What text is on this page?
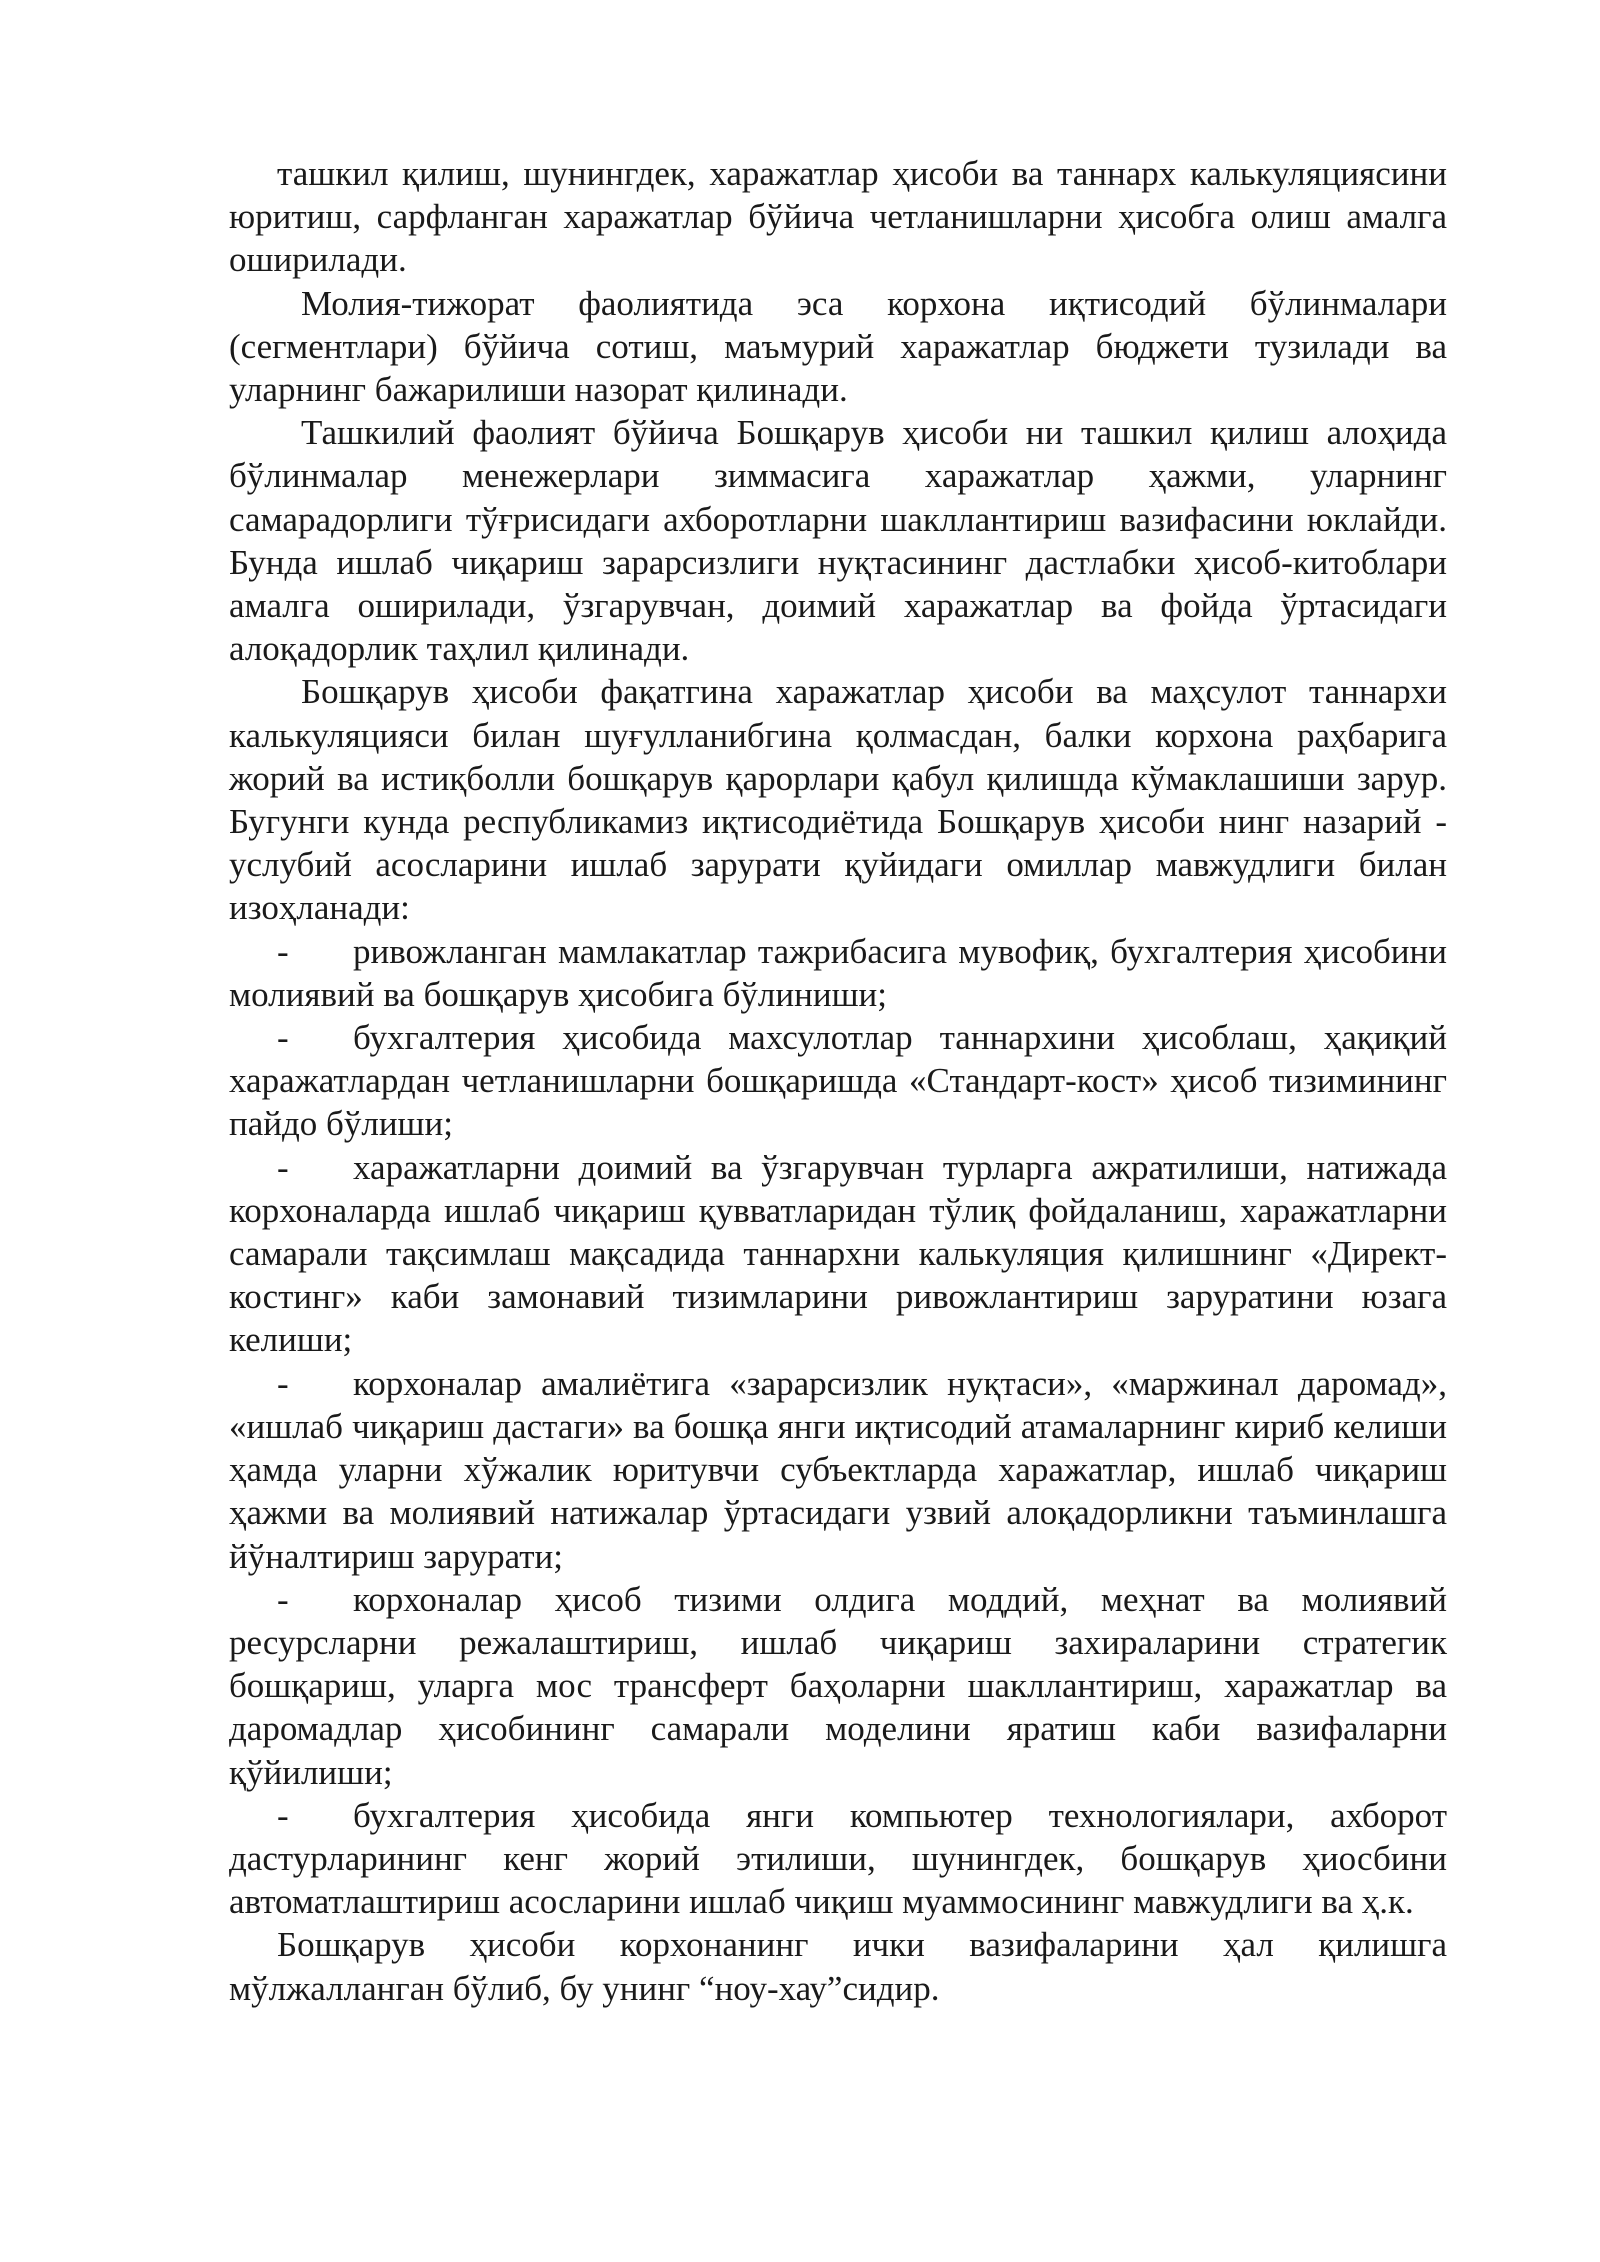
ташкил қилиш, шунингдек, харажатлар ҳисоби ва таннарх калькуляциясини юритиш, сарфланган харажатлар бўйича четланишларни ҳисобга олиш амалга оширилади.

Молия-тижорат фаолиятида эса корхона иқтисодий бўлинмалари (сегментлари) бўйича сотиш, маъмурий харажатлар бюджети тузилади ва уларнинг бажарилиши назорат қилинади.

Ташкилий фаолият бўйича Бошқарув ҳисоби ни ташкил қилиш алоҳида бўлинмалар менежерлари зиммасига харажатлар ҳажми, уларнинг самарадорлиги тўғрисидаги ахборотларни шакллантириш вазифасини юклайди. Бунда ишлаб чиқариш зарарсизлиги нуқтасининг дастлабки ҳисоб-китоблари амалга оширилади, ўзгарувчан, доимий харажатлар ва фойда ўртасидаги алоқадорлик таҳлил қилинади.

Бошқарув ҳисоби фақатгина харажатлар ҳисоби ва маҳсулот таннархи калькуляцияси билан шуғулланибгина қолмасдан, балки корхона раҳбарига жорий ва истиқболли бошқарув қарорлари қабул қилишда кўмаклашиши зарур. Бугунги кунда республикамиз иқтисодиётида Бошқарув ҳисоби нинг назарий - услубий асосларини ишлаб зарурати қуйидаги омиллар мавжудлиги билан изоҳланади:

- ривожланган мамлакатлар тажрибасига мувофиқ, бухгалтерия ҳисобини молиявий ва бошқарув ҳисобига бўлиниши;

- бухгалтерия ҳисобида махсулотлар таннархини ҳисоблаш, ҳақиқий харажатлардан четланишларни бошқаришда «Стандарт-кост» ҳисоб тизимининг пайдо бўлиши;

- харажатларни доимий ва ўзгарувчан турларга ажратилиши, натижада корхоналарда ишлаб чиқариш қувватларидан тўлиқ фойдаланиш, харажатларни самарали тақсимлаш мақсадида таннархни калькуляция қилишнинг «Директ-костинг» каби замонавий тизимларини ривожлантириш заруратини юзага келиши;

- корхоналар амалиётига «зарарсизлик нуқтаси», «маржинал даромад», «ишлаб чиқариш дастаги» ва бошқа янги иқтисодий атамаларнинг кириб келиши ҳамда уларни хўжалик юритувчи субъектларда харажатлар, ишлаб чиқариш ҳажми ва молиявий натижалар ўртасидаги узвий алоқадорликни таъминлашга йўналтириш зарурати;

- корхоналар ҳисоб тизими олдига моддий, меҳнат ва молиявий ресурсларни режалаштириш, ишлаб чиқариш захираларини стратегик бошқариш, уларга мос трансферт баҳоларни шакллантириш, харажатлар ва даромадлар ҳисобининг самарали моделини яратиш каби вазифаларни қўйилиши;

- бухгалтерия ҳисобида янги компьютер технологиялари, ахборот дастурларининг кенг жорий этилиши, шунингдек, бошқарув ҳиосбини автоматлаштириш асосларини ишлаб чиқиш муаммосининг мавжудлиги ва ҳ.к.

Бошқарув ҳисоби корхонанинг ички вазифаларини ҳал қилишга мўлжалланган бўлиб, бу унинг “ноу-хау”сидир.
